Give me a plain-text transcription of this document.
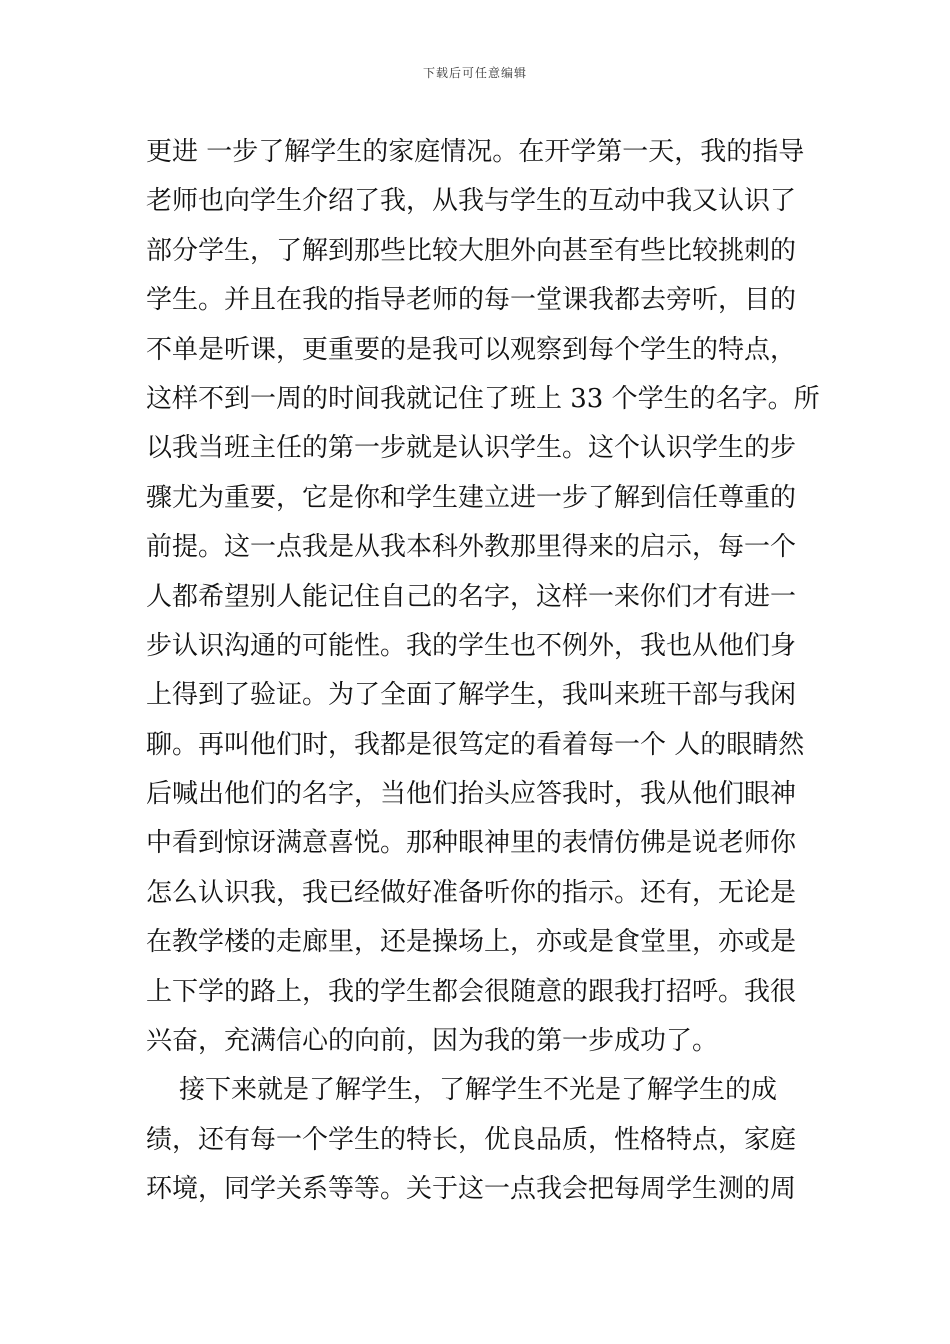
下载后可任意编辑
更进 一步了解学生的家庭情况。在开学第一天，我的指导
老师也向学生介绍了我，从我与学生的互动中我又认识了
部分学生，了解到那些比较大胆外向甚至有些比较挑刺的
学生。并且在我的指导老师的每一堂课我都去旁听，目的
不单是听课，更重要的是我可以观察到每个学生的特点，
这样不到一周的时间我就记住了班上 33 个学生的名字。所
以我当班主任的第一步就是认识学生。这个认识学生的步
骤尤为重要，它是你和学生建立进一步了解到信任尊重的
前提。这一点我是从我本科外教那里得来的启示，每一个
人都希望别人能记住自己的名字，这样一来你们才有进一
步认识沟通的可能性。我的学生也不例外，我也从他们身
上得到了验证。为了全面了解学生，我叫来班干部与我闲
聊。再叫他们时，我都是很笃定的看着每一个 人的眼睛然
后喊出他们的名字，当他们抬头应答我时，我从他们眼神
中看到惊讶满意喜悦。那种眼神里的表情仿佛是说老师你
怎么认识我，我已经做好准备听你的指示。还有，无论是
在教学楼的走廊里，还是操场上，亦或是食堂里，亦或是
上下学的路上，我的学生都会很随意的跟我打招呼。我很
兴奋，充满信心的向前，因为我的第一步成功了。
接下来就是了解学生，了解学生不光是了解学生的成
绩，还有每一个学生的特长，优良品质，性格特点，家庭
环境，同学关系等等。关于这一点我会把每周学生测的周
